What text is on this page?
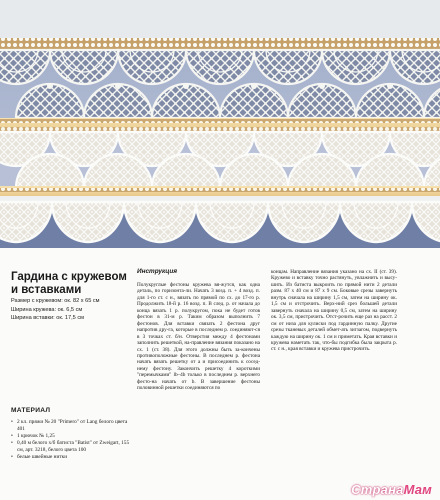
Гардина с кружевом и вставками
Размер с кружевом: ок. 82 х 65 см
Ширина кружева: ок. 6,5 см
Ширина вставки: ок. 17,5 см
МАТЕРИАЛ
• 2 кл. пряжи № 20 "Primero" от Lang белого цвета 401
• 1 крючок № 1,25
• 0,40 м белого х/б батиста "Batist" от Zweigart, 155 см, арт. 3218, белого цвета 100
• белые швейные нитки
Инструкция

Полукруглые фестоны кружева вя-жутся, как одна деталь, по горизонта-ли. Начать 3 возд. п. + 4 возд. п. для 1-го ст. с н., вязать по прямой по сх. до 17-го р. Продолжить 18-й р. 16 возд. п. В след. р. от начала до конца вязать 1 р. полукругом, пока не будет готов фестон в 31-м р. Таким образом выполнить 7 фестонов. Для вставки связать 2 фестона друг напротив дру-га, которые в последнем р. соединяют-ся в 3 точках ст. б/н. Отверстия между 4 фестонами заполнить решеткой, на-правление вязания показано на сх. 1 (ст. 38). Для этого должны быть за-кончены противоположные фестоны. В последнем р. фестона начать вязать решетку от а и присоединить к сосед-нему фестону. Закончить решетку 4 короткими "перемычками" lb–4b только в последнем р. верхнего фесто-на начать от b. В завершение фестоны половинной решетки соединяются по

концам. Направление вязания указано на сх. II (ст. 39). Кружево и вставку точно растянуть, увлажнить и высу-шить. Из батиста выкроить по прямой нити 2 детали разм. 87 х 40 см и 87 х 9 см. Боковые срезы завернуть внутрь сначала на ширину 1,5 см, затем на ширину ок. 1,5 см и отстрочить. Верх-ний срез большей детали завернуть сначала на ширину 0,5 см, затем на ширину ок. 3,5 см, пристрочить. Отст-рочить еще раз на расст. 2 см от низа для кулиски под гардинную палку. Другие срезы тканевых деталей обмет-ать зигзагом, подвернуть каждую на ширину ок. 1 см и приметать. Края вставки и кружева наметать так, что-бы подгибка была закрыта р. ст. с н., края вставки и кружева пристрочить.

СтранаМам
